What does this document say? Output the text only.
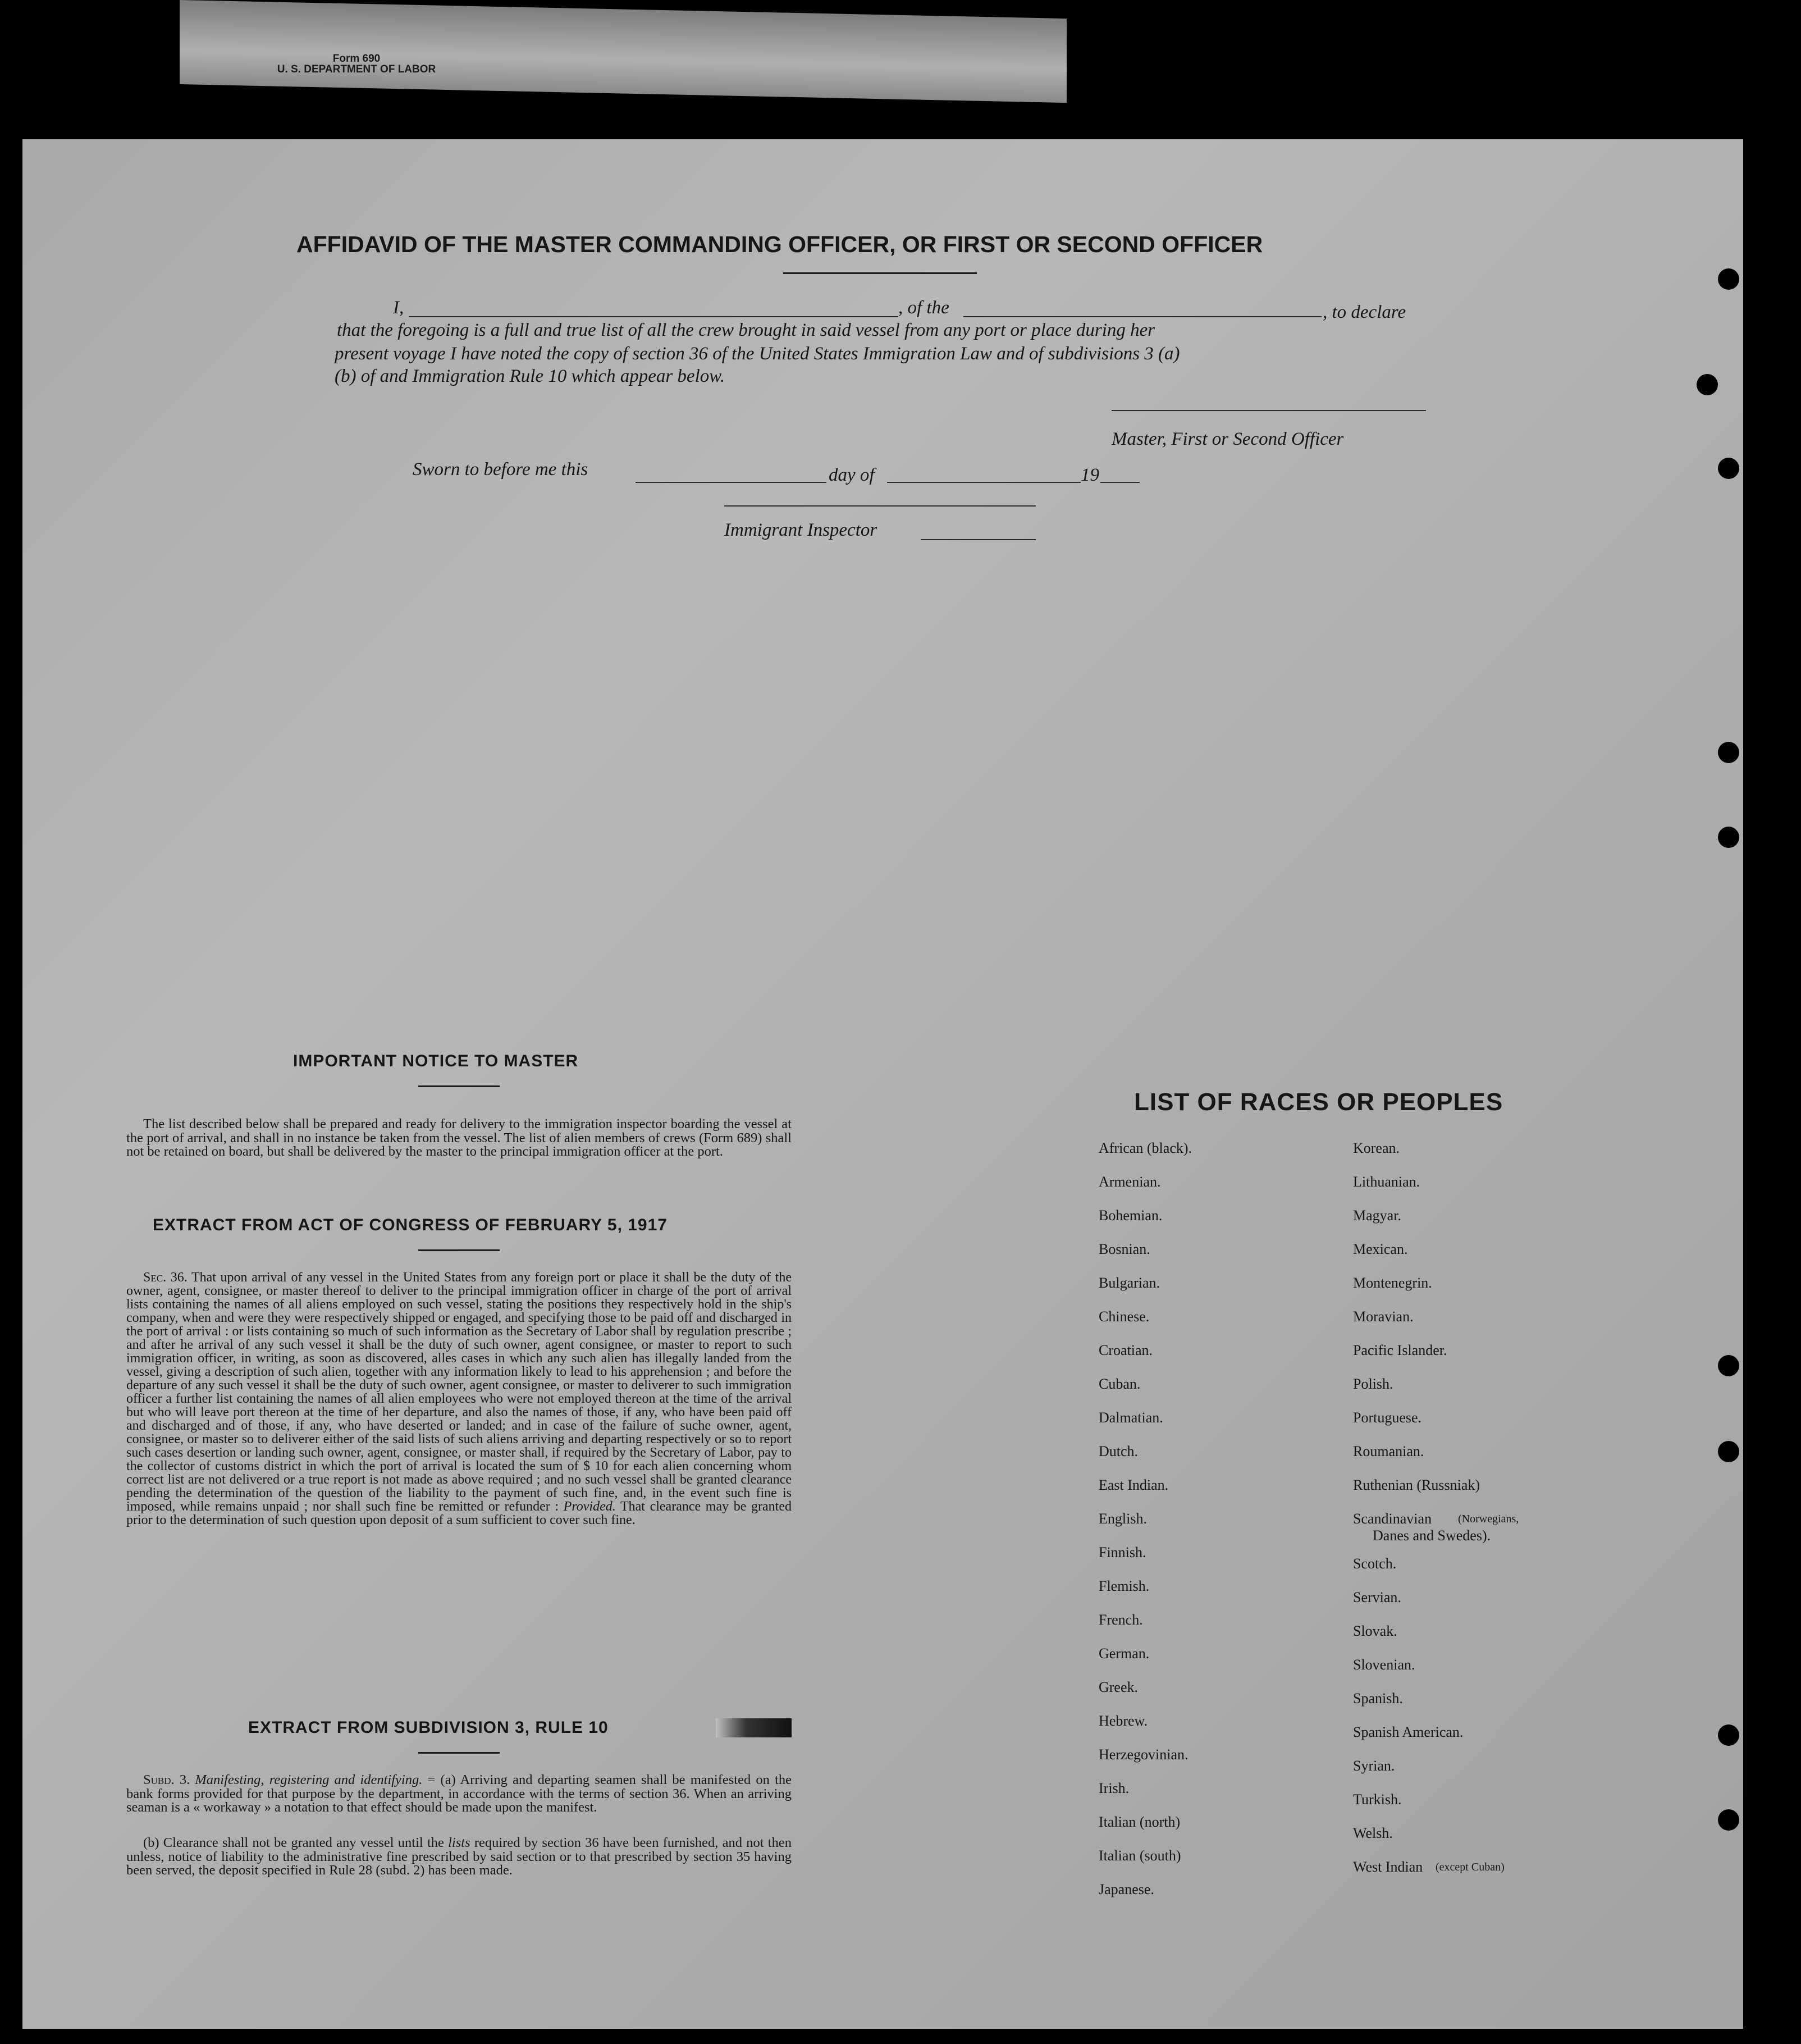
Form 690
U. S. DEPARTMENT OF LABOR
ﾠ
AFFIDAVID OF THE MASTER COMMANDING OFFICER, OR FIRST OR SECOND OFFICER
I,	, of the	, to declare
that the foregoing is a full and true list of all the crew brought in said vessel from any port or place during her
present voyage I have noted the copy of section 36 of the United States Immigration Law and of subdivisions 3 (a)
(b) of and Immigration Rule 10 which appear below.
Master, First or Second Officer
Sworn to before me this	day of	19
Immigrant Inspector
IMPORTANT NOTICE TO MASTER
The list described below shall be prepared and ready for delivery to the immigration inspector boarding the vessel at the port of arrival, and shall in no instance be taken from the vessel. The list of alien members of crews (Form 689) shall not be retained on board, but shall be delivered by the master to the principal immigration officer at the port.
EXTRACT FROM ACT OF CONGRESS OF FEBRUARY 5, 1917
Sec. 36. That upon arrival of any vessel in the United States from any foreign port or place it shall be the duty of the owner, agent, consignee, or master thereof to deliver to the principal immigration officer in charge of the port of arrival lists containing the names of all aliens employed on such vessel, stating the positions they respectively hold in the ship's company, when and were they were respectively shipped or engaged, and specifying those to be paid off and discharged in the port of arrival : or lists containing so much of such information as the Secretary of Labor shall by regulation prescribe ; and after he arrival of any such vessel it shall be the duty of such owner, agent consignee, or master to report to such immigration officer, in writing, as soon as discovered, alles cases in which any such alien has illegally landed from the vessel, giving a description of such alien, together with any information likely to lead to his apprehension ; and before the departure of any such vessel it shall be the duty of such owner, agent consignee, or master to deliverer to such immigration officer a further list containing the names of all alien employees who were not employed thereon at the time of the arrival but who will leave port thereon at the time of her departure, and also the names of those, if any, who have been paid off and discharged and of those, if any, who have deserted or landed; and in case of the failure of suche owner, agent, consignee, or master so to deliverer either of the said lists of such aliens arriving and departing respectively or so to report such cases desertion or landing such owner, agent, consignee, or master shall, if required by the Secretary of Labor, pay to the collector of customs district in which the port of arrival is located the sum of $ 10 for each alien concerning whom correct list are not delivered or a true report is not made as above required ; and no such vessel shall be granted clearance pending the determination of the question of the liability to the payment of such fine, and, in the event such fine is imposed, while remains unpaid ; nor shall such fine be remitted or refunder : Provided. That clearance may be granted prior to the determination of such question upon deposit of a sum sufficient to cover such fine.
EXTRACT FROM SUBDIVISION 3, RULE 10
Subd. 3. Manifesting, registering and identifying. = (a) Arriving and departing seamen shall be manifested on the bank forms provided for that purpose by the department, in accordance with the terms of section 36. When an arriving seaman is a « workaway » a notation to that effect should be made upon the manifest.
(b) Clearance shall not be granted any vessel until the lists required by section 36 have been furnished, and not then unless, notice of liability to the administrative fine prescribed by said section or to that prescribed by section 35 having been served, the deposit specified in Rule 28 (subd. 2) has been made.
LIST OF RACES OR PEOPLES
African (black).
Armenian.
Bohemian.
Bosnian.
Bulgarian.
Chinese.
Croatian.
Cuban.
Dalmatian.
Dutch.
East Indian.
English.
Finnish.
Flemish.
French.
German.
Greek.
Hebrew.
Herzegovinian.
Irish.
Italian (north)
Italian (south)
Japanese.
Korean.
Lithuanian.
Magyar.
Mexican.
Montenegrin.
Moravian.
Pacific Islander.
Polish.
Portuguese.
Roumanian.
Ruthenian (Russniak)
Scandinavian
Scotch.
Servian.
Slovak.
Slovenian.
Spanish.
Spanish American.
Syrian.
Turkish.
Welsh.
West Indian
(Norwegians,
Danes and Swedes).
(except Cuban)
